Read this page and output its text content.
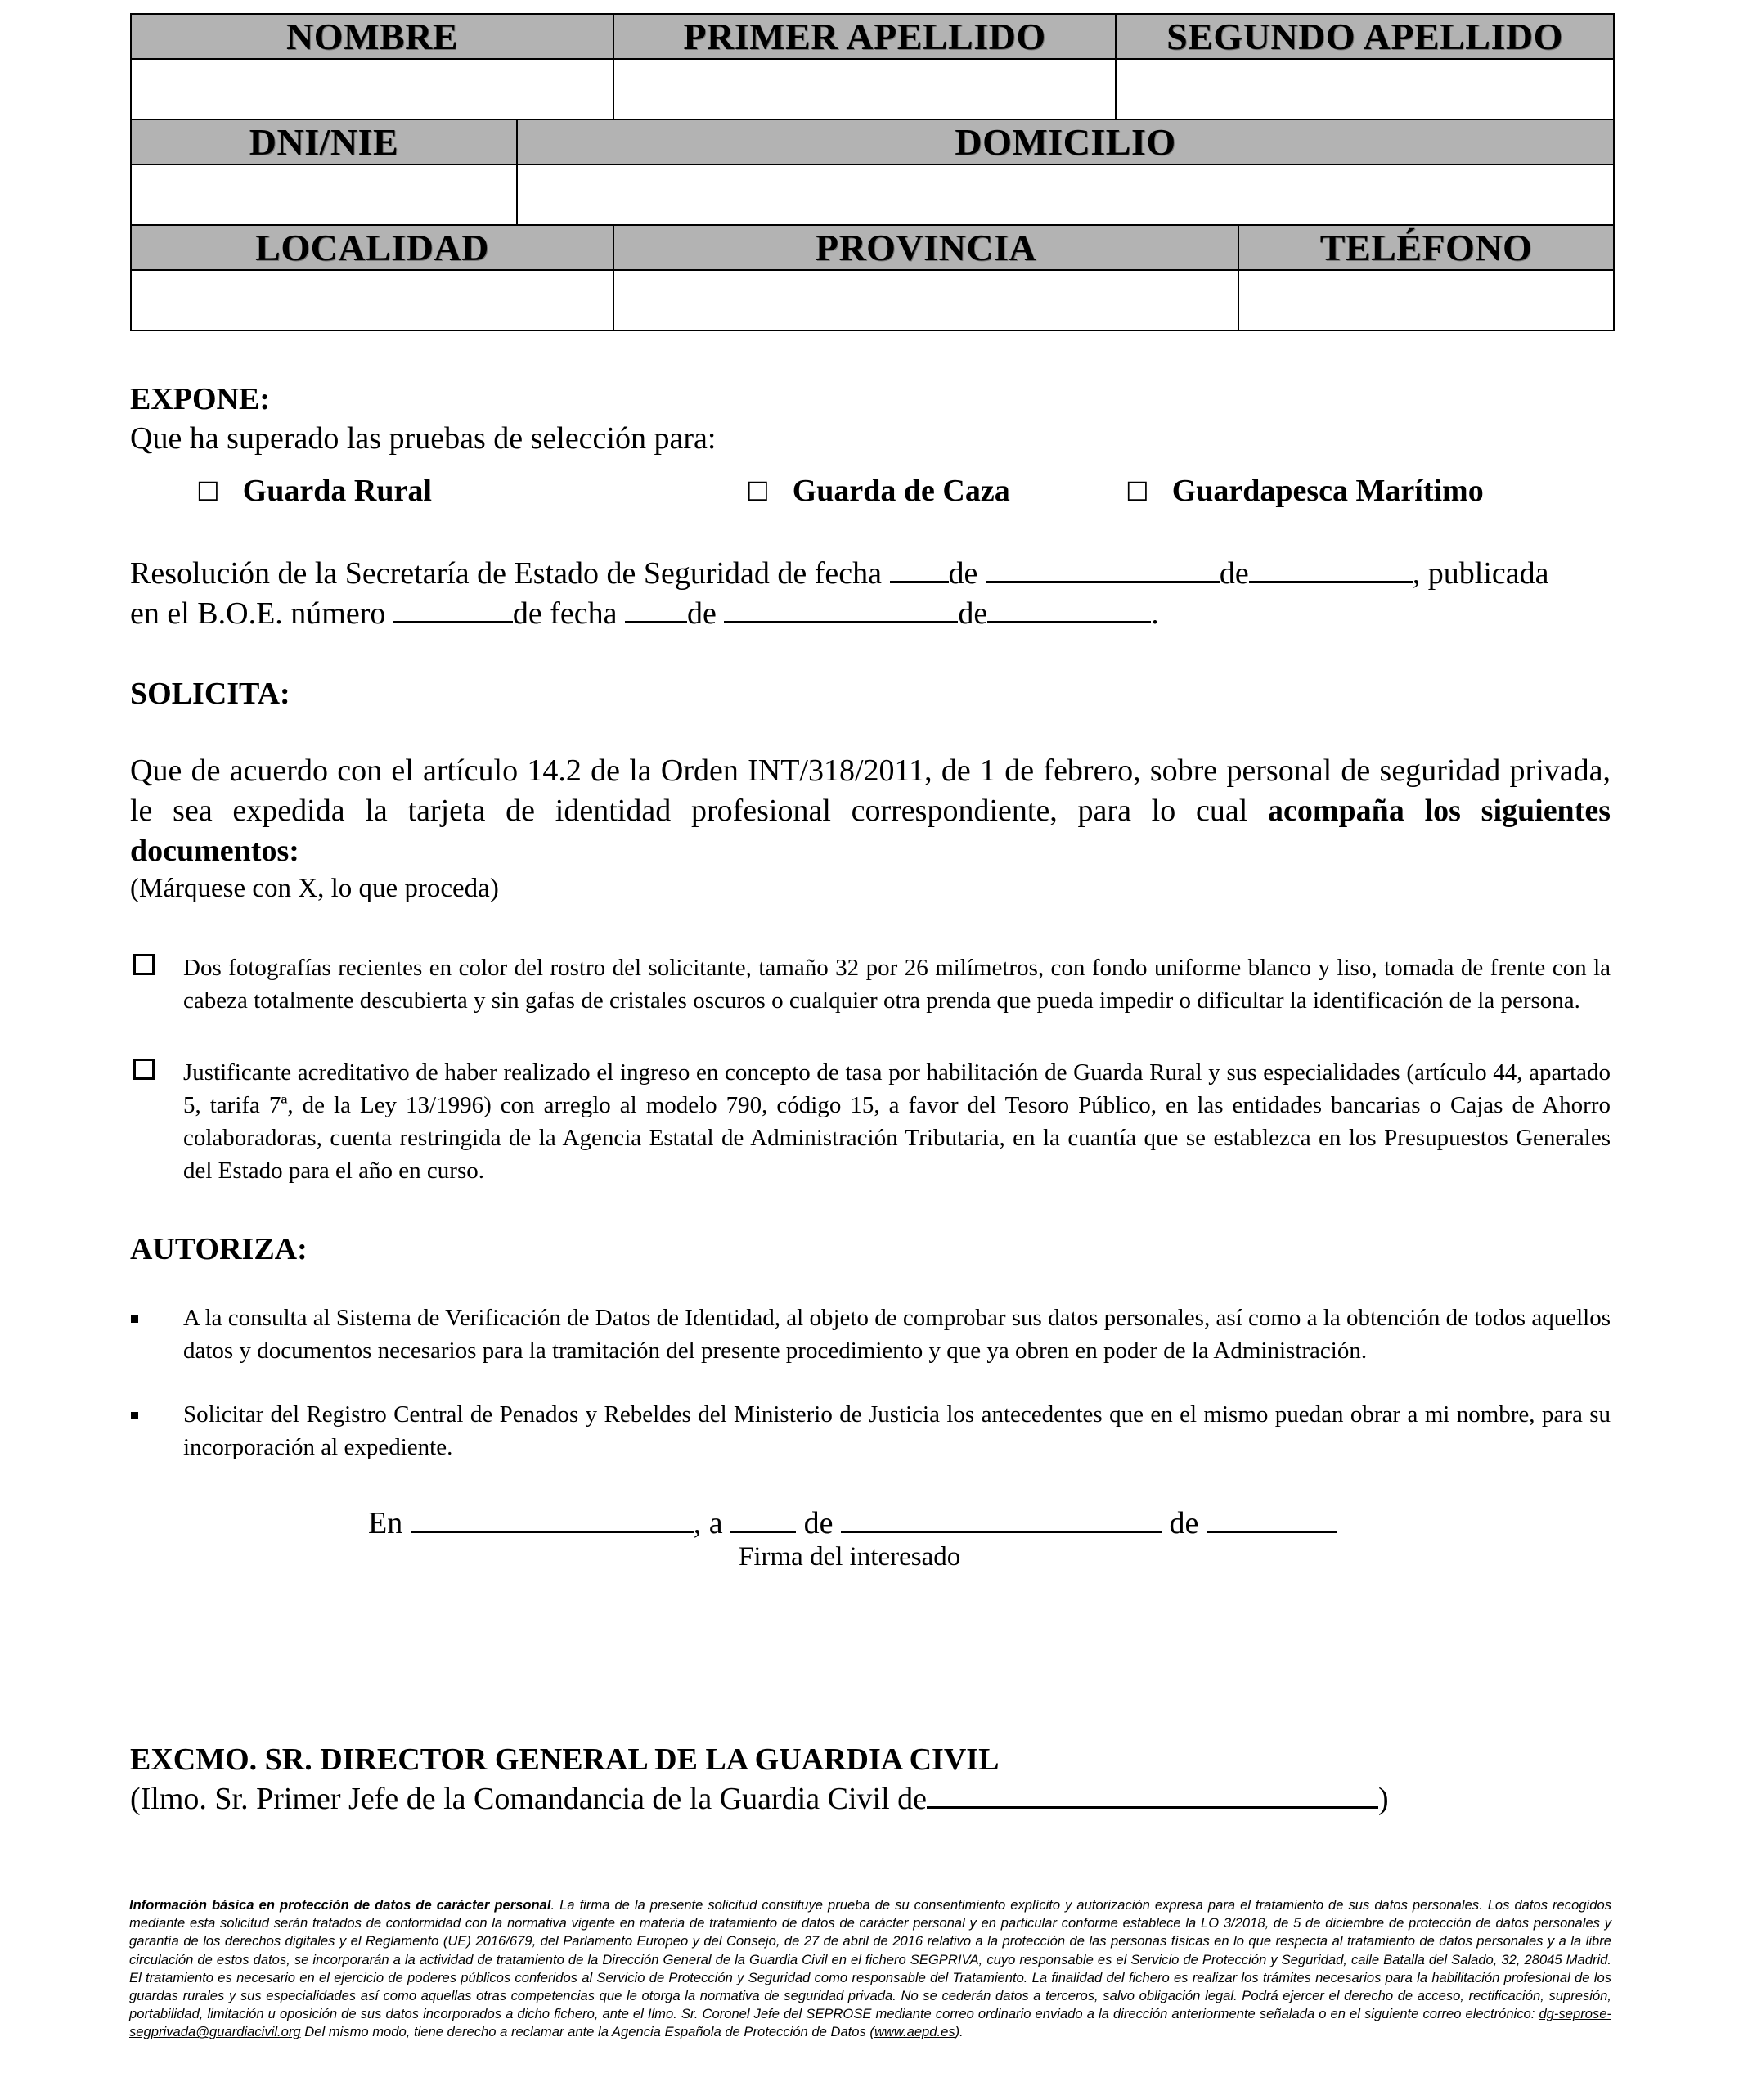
NOMBRE		PRIMER APELLIDO	SEGUNDO APELLIDO	

DNI/NIE	DOMICILIO			

LOCALIDAD		PROVINCIA		TELÉFONO

EXPONE:
Que ha superado las pruebas de selección para:
☐ Guarda Rural	☐ Guarda de Caza	☐ Guardapesca Marítimo
Resolución de la Secretaría de Estado de Seguridad de fecha de	de	, publicada
en el B.O.E. número	de fecha de	de	.
SOLICITA:
Que de acuerdo con el artículo 14.2 de la Orden INT/318/2011, de 1 de febrero, sobre personal de seguridad privada, le sea expedida la tarjeta de identidad profesional correspondiente, para lo cual acompaña los siguientes documentos:
(Márquese con X, lo que proceda)
Dos fotografías recientes en color del rostro del solicitante, tamaño 32 por 26 milímetros, con fondo uniforme blanco y liso, tomada de frente con la cabeza totalmente descubierta y sin gafas de cristales oscuros o cualquier otra prenda que pueda impedir o dificultar la identificación de la persona.
Justificante acreditativo de haber realizado el ingreso en concepto de tasa por habilitación de Guarda Rural y sus especialidades (artículo 44, apartado 5, tarifa 7ª, de la Ley 13/1996) con arreglo al modelo 790, código 15, a favor del Tesoro Público, en las entidades bancarias o Cajas de Ahorro colaboradoras, cuenta restringida de la Agencia Estatal de Administración Tributaria, en la cuantía que se establezca en los Presupuestos Generales del Estado para el año en curso.
AUTORIZA:
A la consulta al Sistema de Verificación de Datos de Identidad, al objeto de comprobar sus datos personales, así como a la obtención de todos aquellos datos y documentos necesarios para la tramitación del presente procedimiento y que ya obren en poder de la Administración.
Solicitar del Registro Central de Penados y Rebeldes del Ministerio de Justicia los antecedentes que en el mismo puedan obrar a mi nombre, para su incorporación al expediente.
En	, a	de	de
Firma del interesado
EXCMO. SR. DIRECTOR GENERAL DE LA GUARDIA CIVIL
(Ilmo. Sr. Primer Jefe de la Comandancia de la Guardia Civil de	)
Información básica en protección de datos de carácter personal. La firma de la presente solicitud constituye prueba de su consentimiento explícito y autorización expresa para el tratamiento de sus datos personales. Los datos recogidos mediante esta solicitud serán tratados de conformidad con la normativa vigente en materia de tratamiento de datos de carácter personal y en particular conforme establece la LO 3/2018, de 5 de diciembre de protección de datos personales y garantía de los derechos digitales y el Reglamento (UE) 2016/679, del Parlamento Europeo y del Consejo, de 27 de abril de 2016 relativo a la protección de las personas físicas en lo que respecta al tratamiento de datos personales y a la libre circulación de estos datos, se incorporarán a la actividad de tratamiento de la Dirección General de la Guardia Civil en el fichero SEGPRIVA, cuyo responsable es el Servicio de Protección y Seguridad, calle Batalla del Salado, 32, 28045 Madrid. El tratamiento es necesario en el ejercicio de poderes públicos conferidos al Servicio de Protección y Seguridad como responsable del Tratamiento. La finalidad del fichero es realizar los trámites necesarios para la habilitación profesional de los guardas rurales y sus especialidades así como aquellas otras competencias que le otorga la normativa de seguridad privada. No se cederán datos a terceros, salvo obligación legal. Podrá ejercer el derecho de acceso, rectificación, supresión, portabilidad, limitación u oposición de sus datos incorporados a dicho fichero, ante el Ilmo. Sr. Coronel Jefe del SEPROSE mediante correo ordinario enviado a la dirección anteriormente señalada o en el siguiente correo electrónico: dg-seprose-segprivada@guardiacivil.org Del mismo modo, tiene derecho a reclamar ante la Agencia Española de Protección de Datos (www.aepd.es).
